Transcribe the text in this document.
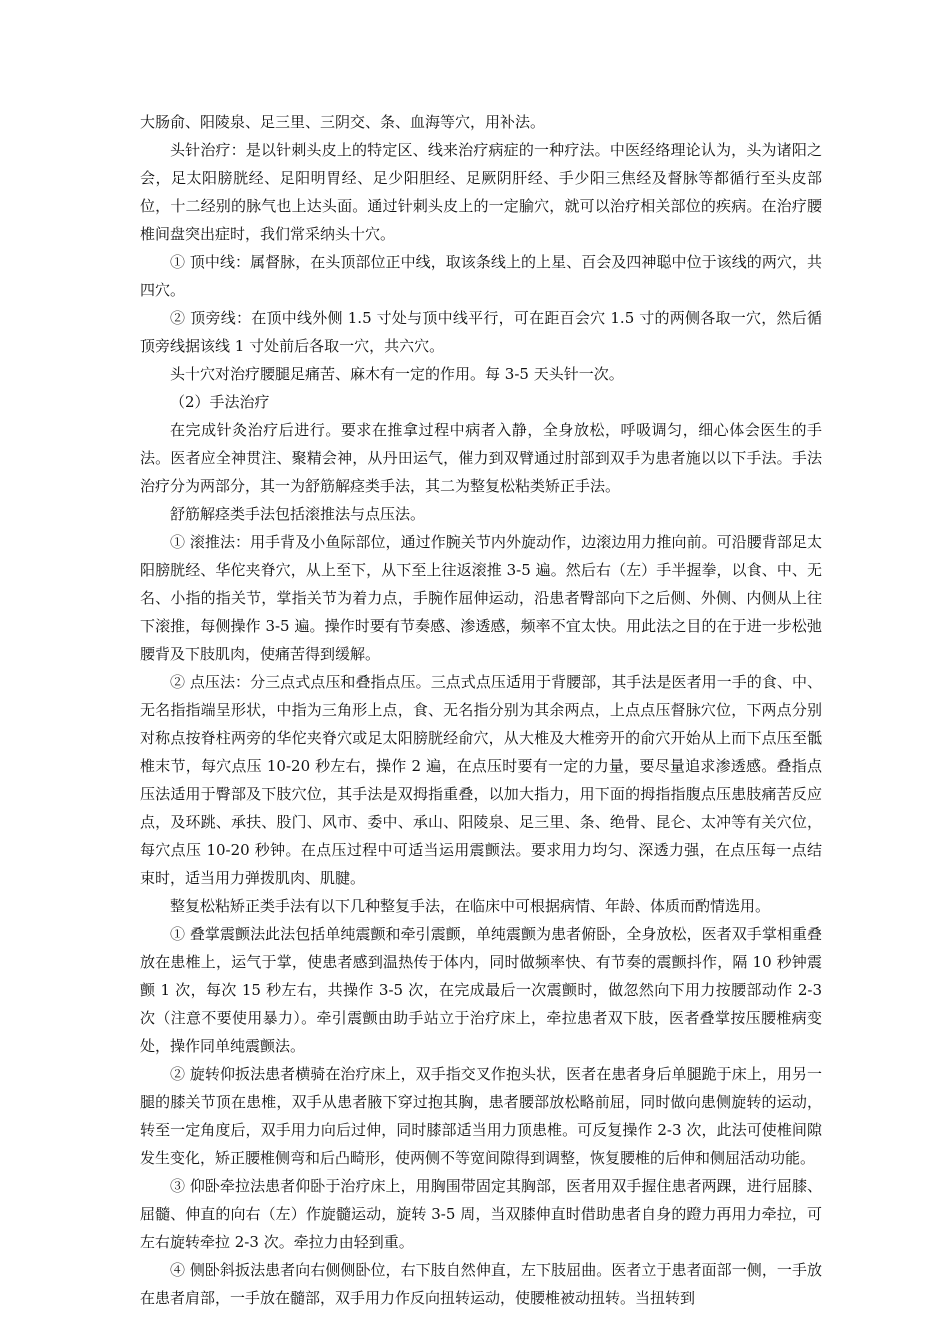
大肠俞、阳陵泉、足三里、三阴交、条、血海等穴，用补法。

头针治疗：是以针刺头皮上的特定区、线来治疗病症的一种疗法。中医经络理论认为，头为诸阳之会，足太阳膀胱经、足阳明胃经、足少阳胆经、足厥阴肝经、手少阳三焦经及督脉等都循行至头皮部位，十二经别的脉气也上达头面。通过针刺头皮上的一定腧穴，就可以治疗相关部位的疾病。在治疗腰椎间盘突出症时，我们常采纳头十穴。

① 顶中线：属督脉，在头顶部位正中线，取该条线上的上星、百会及四神聪中位于该线的两穴，共四穴。

② 顶旁线：在顶中线外侧 1.5 寸处与顶中线平行，可在距百会穴 1.5 寸的两侧各取一穴，然后循顶旁线据该线 1 寸处前后各取一穴，共六穴。

头十穴对治疗腰腿足痛苦、麻木有一定的作用。每 3-5 天头针一次。

（2）手法治疗

在完成针灸治疗后进行。要求在推拿过程中病者入静，全身放松，呼吸调匀，细心体会医生的手法。医者应全神贯注、聚精会神，从丹田运气，催力到双臂通过肘部到双手为患者施以以下手法。手法治疗分为两部分，其一为舒筋解痉类手法，其二为整复松粘类矫正手法。

舒筋解痉类手法包括滚推法与点压法。

① 滚推法：用手背及小鱼际部位，通过作腕关节内外旋动作，边滚边用力推向前。可沿腰背部足太阳膀胱经、华佗夹脊穴，从上至下，从下至上往返滚推 3-5 遍。然后右（左）手半握拳，以食、中、无名、小指的指关节，掌指关节为着力点，手腕作屈伸运动，沿患者臀部向下之后侧、外侧、内侧从上往下滚推，每侧操作 3-5 遍。操作时要有节奏感、渗透感，频率不宜太快。用此法之目的在于进一步松弛腰背及下肢肌肉，使痛苦得到缓解。

② 点压法：分三点式点压和叠指点压。三点式点压适用于背腰部，其手法是医者用一手的食、中、无名指指端呈形状，中指为三角形上点，食、无名指分别为其余两点，上点点压督脉穴位，下两点分别对称点按脊柱两旁的华佗夹脊穴或足太阳膀胱经俞穴，从大椎及大椎旁开的俞穴开始从上而下点压至骶椎末节，每穴点压 10-20 秒左右，操作 2 遍，在点压时要有一定的力量，要尽量追求渗透感。叠指点压法适用于臀部及下肢穴位，其手法是双拇指重叠，以加大指力，用下面的拇指指腹点压患肢痛苦反应点，及环跳、承扶、股门、风市、委中、承山、阳陵泉、足三里、条、绝骨、昆仑、太冲等有关穴位，每穴点压 10-20 秒钟。在点压过程中可适当运用震颤法。要求用力均匀、深透力强，在点压每一点结束时，适当用力弹拨肌肉、肌腱。

整复松粘矫正类手法有以下几种整复手法，在临床中可根据病情、年龄、体质而酌情选用。

① 叠掌震颤法此法包括单纯震颤和牵引震颤，单纯震颤为患者俯卧，全身放松，医者双手掌相重叠放在患椎上，运气于掌，使患者感到温热传于体内，同时做频率快、有节奏的震颤抖作，隔 10 秒钟震颤 1 次，每次 15 秒左右，共操作 3-5 次，在完成最后一次震颤时，做忽然向下用力按腰部动作 2-3 次（注意不要使用暴力）。牵引震颤由助手站立于治疗床上，牵拉患者双下肢，医者叠掌按压腰椎病变处，操作同单纯震颤法。

② 旋转仰扳法患者横骑在治疗床上，双手指交叉作抱头状，医者在患者身后单腿跪于床上，用另一腿的膝关节顶在患椎，双手从患者腋下穿过抱其胸，患者腰部放松略前屈，同时做向患侧旋转的运动，转至一定角度后，双手用力向后过伸，同时膝部适当用力顶患椎。可反复操作 2-3 次，此法可使椎间隙发生变化，矫正腰椎侧弯和后凸畸形，使两侧不等宽间隙得到调整，恢复腰椎的后伸和侧屈活动功能。

③ 仰卧牵拉法患者仰卧于治疗床上，用胸围带固定其胸部，医者用双手握住患者两踝，进行屈膝、屈髓、伸直的向右（左）作旋髓运动，旋转 3-5 周，当双膝伸直时借助患者自身的蹬力再用力牵拉，可左右旋转牵拉 2-3 次。牵拉力由轻到重。

④ 侧卧斜扳法患者向右侧侧卧位，右下肢自然伸直，左下肢屈曲。医者立于患者面部一侧，一手放在患者肩部，一手放在髓部，双手用力作反向扭转运动，使腰椎被动扭转。当扭转到
